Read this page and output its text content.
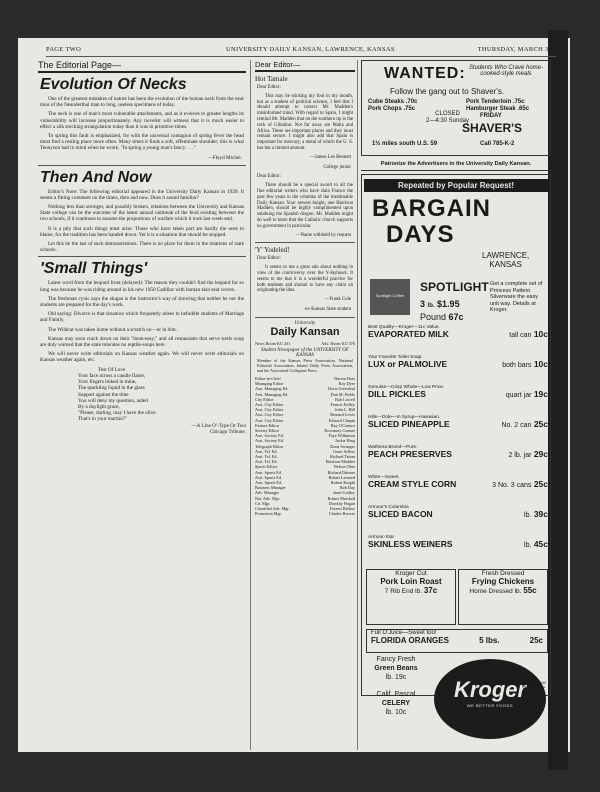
PAGE TWO	UNIVERSITY DAILY KANSAN, LAWRENCE, KANSAS	THURSDAY, MARCH 3, 1
The Editorial Page—
Evolution Of Necks

One of the greatest mistakes of nature has been the evolution of the human neck from the near miss of the Neanderthal man to long, useless specimens of today.

The neck is one of man's most vulnerable attachments, and as it evolves to greater lengths its vulnerability will increase proportionately. Any novelist will witness that it is much easier to effect a silk stocking strangulation today than it was in primitive times.

To spring this fault is emphasized, for with the universal contagion of spring fever the head must find a resting place more often. Many times it finds a soft, effeminate shoulder; this is what Tennyson had in mind when he wrote, "In spring a young man's fancy. . . ."

—Floyd Michel.
Then And Now

Editor's Note: The following editorial appeared in the University Daily Kansan in 1929. It seems a fitting comment on the times, then and now. Does it sound familiar?

Nothing less than stronger, and possibly broken, relations between the University and Kansas State college can be the outcome of the latest annual outbreak of the feud existing between the two schools, if it continues to assume the proportions of warfare which it took last week-end.

It is a pity that such things must arise. Those who have taken part are hardly the ones to blame, for the tradition has been handed down. Yet it is a situation that should be stopped.

Let this be the last of such demonstrations. There is no place for them in the relations of state schools.

'Small Things'

Latest word from the leopard front (delayed): The reason they couldn't find the leopard for so long was because he was riding around in his new 1950 Cadillac with human skin seat covers.

The freshman cynic says the slogan is the instructor's way of showing that neither he nor the students are prepared for the day's work.

Old saying: Divorce is that situation which frequently arises to befuddle students of Marriage and Family.

The Wildcat was taken home without a scratch on—or in him.

Kansas may soon crack down on their "bean-easy," and all restaurants that serve turtle soup are duly warned that the state tolerates no reptile-soups here.

We will never write editorials on Kansas weather again. We will never write editorials on Kansas weather again, etc.

Test Of Love
Your face across a candle flame,
Your fingers linked in mine,
The sparkling liquid in the glass
Support against the time
You will deny my question, aided
By a daylight grace,
"Please, darling, may I have the olive
That's in your martini?"
—A Line O'-Type Or Two
Chicago Tribune.
Dear Editor—
Hot Tamale

Dear Editor:

This may be sticking my foot in my mouth, but as a student of political science, I feel that I should attempt to correct Mr. Madden's misinformed mind. With regard to Spain, I might remind Mr. Madden that on the southern tip is the rock of Gibraltar. Not far away are Malta and Africa. These are important places and they must remain secure. I might also add that Spain is important for mercury, a metal of which the U. S. has but a limited amount.

—James Lee Bennett
College junior

Dear Editor:

There should be a special award to all the fine editorial writers who have slain Franco the past few years in the columns of the inestimable Daily Kansan. Your newest knight, one Harrison Madden, should be highly complimented upon subduing the Spanish dragon. Mr. Madden might do well to learn that the Catholic church supports no government in particular.

—Name withheld by request
'Y' Yodeled!

Dear Editor:

It seems to me a great ado about nothing in view of the controversy over the Y-Jayhawk. It seems to me that it is a wonderful practice for both students and alumni to have any claim on originating the idea.

—Frank Cole
ex-Kansas State student
University
Daily Kansan
News Room KU 261	Adv. Room KU 376
Student Newspaper of the UNIVERSITY OF KANSAS

Member of the Kansas Press Association, National Editorial Association, Inland Daily Press Association, and the Associated Collegiate Press.

Editor-in-Chief	Warren Bass
Managing Editor	Kay Dyer
Asst. Managing Ed.	Doris Greenleaf
Asst. Managing Ed.	Don M. Fields
City Editor	Bob Lowell
Asst. City Editor	Francis Kelley
Asst. City Editor	John L. Hill
Asst. City Editor	Bernard Lewis
Asst. City Editor	Edward Chapin
Feature Editor	Ray O'Connor
Society Editor	Rosemary Cramer
Asst. Society Ed.	Faye Wilkinson
Asst. Society Ed.	Jackie Hing
Telegraph Editor	Dona Swanger
Asst. Tel. Ed.	Grant Sellers
Asst. Tel. Ed.	Richard Tatum
Asst. Tel. Ed.	Harrison Madden
Sports Editor	Nelson Ober
Asst. Sports Ed.	Richard Dittmer
Asst. Sports Ed.	Robert Leonard
Asst. Sports Ed.	Robert Knight
Business Manager	Bob Day
Adv. Manager	Janet Godley
Nat. Adv. Mgr.	Robert Marshall
Cir. Mgr.	Dorothy Hogan
Classified Adv. Mgr.	Forrest Bellow
Promotion Mgr.	Charles Brewer
WANTED: Students Who Crave home-cooked-style meals
Follow the gang out to Shaver's.
Cube Steaks .70c
Pork Chops .75c
Pork Tenderloin .75c
Hamburger Steak .65c
CLOSED
2—4:30 Sunday
FRIDAY
SHAVER'S
1½ miles south U.S. 59	Call 785-K-2
Patronize the Advertisers in the University Daily Kansan.
Repeated by Popular Request!
BARGAIN
DAYS
LAWRENCE,
KANSAS
Spotlight Coffee
SPOTLIGHT
3 lb. $1.95
Pound 67c
Get a complete set of Princess Pattern Silverware the easy unit way. Details at Kroger.
Best Quality—Kroger—11c Value.
EVAPORATED MILK	tall can 10c
Your Favorite Toilet Soap.
LUX or PALMOLIVE	both bars 10c
Genuine—Crisp Whole—Low Price.
DILL PICKLES	quart jar 19c
Hills—Dole—In Syrup—Hawaiian.
SLICED PINEAPPLE	No. 2 can 25c
Wathena Brand—Pure.
PEACH PRESERVES	2 lb. jar 29c
White—Sweet.
CREAM STYLE CORN	3 No. 3 cans 25c
Armour's Columbia
SLICED BACON	lb. 39c
Armour-Star
SKINLESS WEINERS	lb. 45c
Kroger Cut
Pork Loin Roast
7 Rib End lb. 37c
Fresh Dressed
Frying Chickens
Home Dressed lb. 55c
Full O'Juice—Sweet too!
FLORIDA ORANGES	5 lbs.	25c
Fancy Fresh
Green Beans
lb. 19c
Calif. Pascal
CELERY
lb. 10c
Kroger
WE BETTER FOODS
Copyright 1949 The Kroger Co.
